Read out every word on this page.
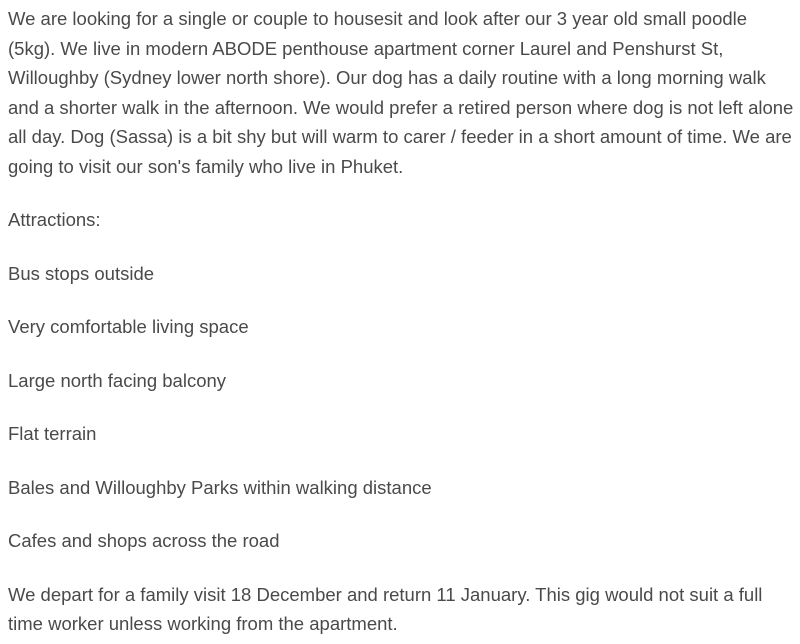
We are looking for a single or couple to housesit and look after our 3 year old small poodle (5kg). We live in modern ABODE penthouse apartment corner Laurel and Penshurst St, Willoughby (Sydney lower north shore). Our dog has a daily routine with a long morning walk and a shorter walk in the afternoon. We would prefer a retired person where dog is not left alone all day. Dog (Sassa) is a bit shy but will warm to carer / feeder in a short amount of time. We are going to visit our son's family who live in Phuket.

Attractions:

Bus stops outside

Very comfortable living space

Large north facing balcony

Flat terrain

Bales and Willoughby Parks within walking distance

Cafes and shops across the road

We depart for a family visit 18 December and return 11 January. This gig would not suit a full time worker unless working from the apartment.
